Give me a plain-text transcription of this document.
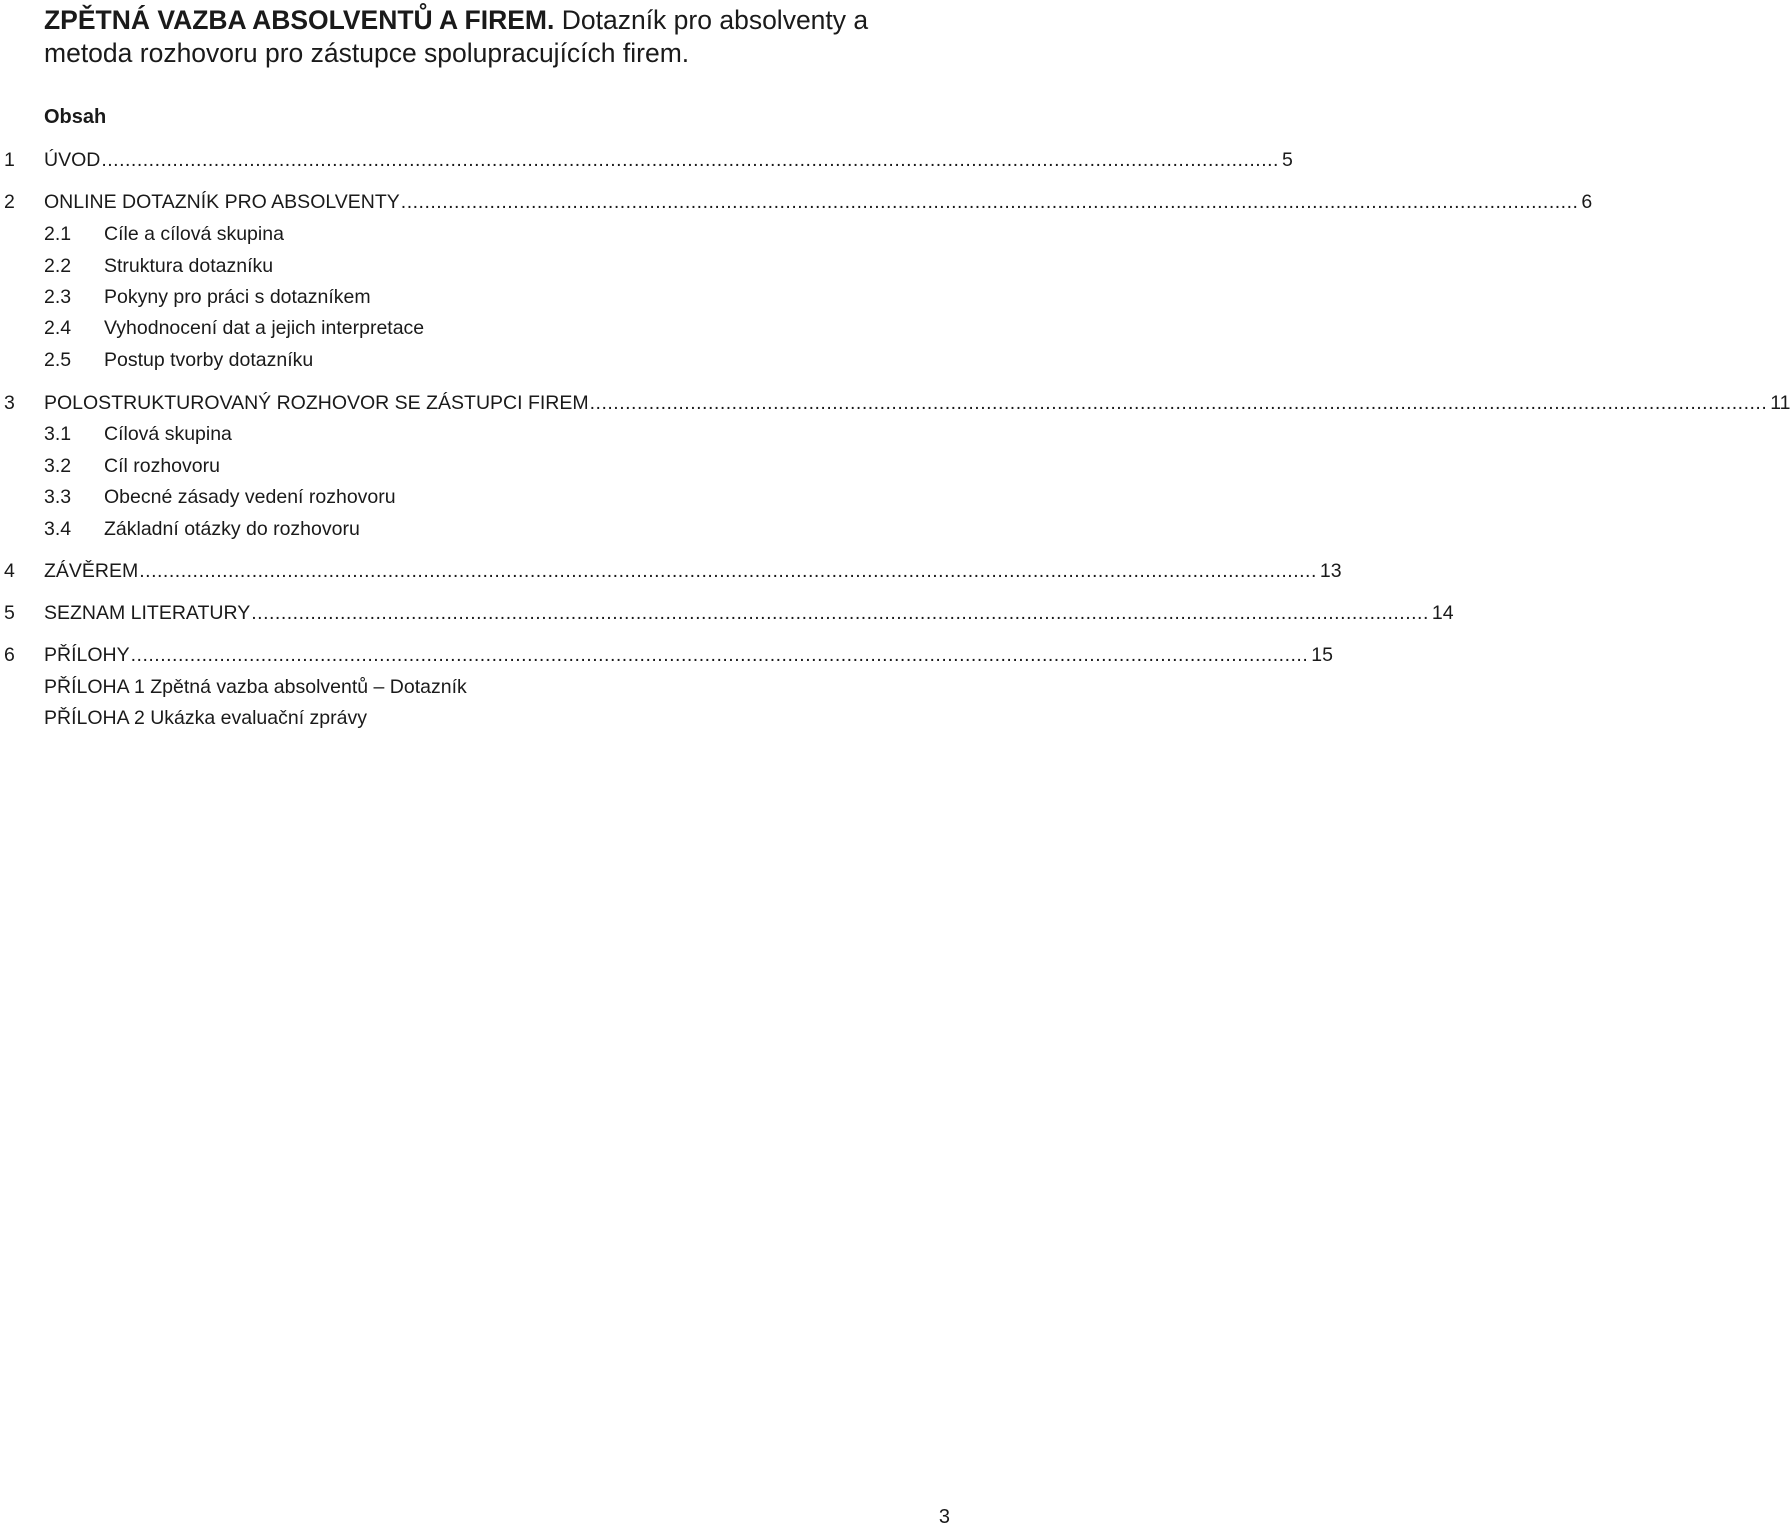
ZPĚTNÁ VAZBA ABSOLVENTŮ A FIREM. Dotazník pro absolventy a metoda rozhovoru pro zástupce spolupracujících firem.
Obsah
1	ÚVOD ....................................................................................................................................................................................................... 5
2	ONLINE DOTAZNÍK PRO ABSOLVENTY ....................................................................................................................................................................................................... 6
2.1 Cíle a cílová skupina
2.2 Struktura dotazníku
2.3 Pokyny pro práci s dotazníkem
2.4 Vyhodnocení dat a jejich interpretace
2.5 Postup tvorby dotazníku
3	POLOSTRUKTUROVANÝ ROZHOVOR SE ZÁSTUPCI FIREM ....................................................................................................................................................................................................... 11
3.1 Cílová skupina
3.2 Cíl rozhovoru
3.3 Obecné zásady vedení rozhovoru
3.4 Základní otázky do rozhovoru
4	ZÁVĚREM ....................................................................................................................................................................................................... 13
5	SEZNAM LITERATURY ....................................................................................................................................................................................................... 14
6	PŘÍLOHY ....................................................................................................................................................................................................... 15
PŘÍLOHA 1 Zpětná vazba absolventů – Dotazník
PŘÍLOHA 2 Ukázka evaluační zprávy
3
